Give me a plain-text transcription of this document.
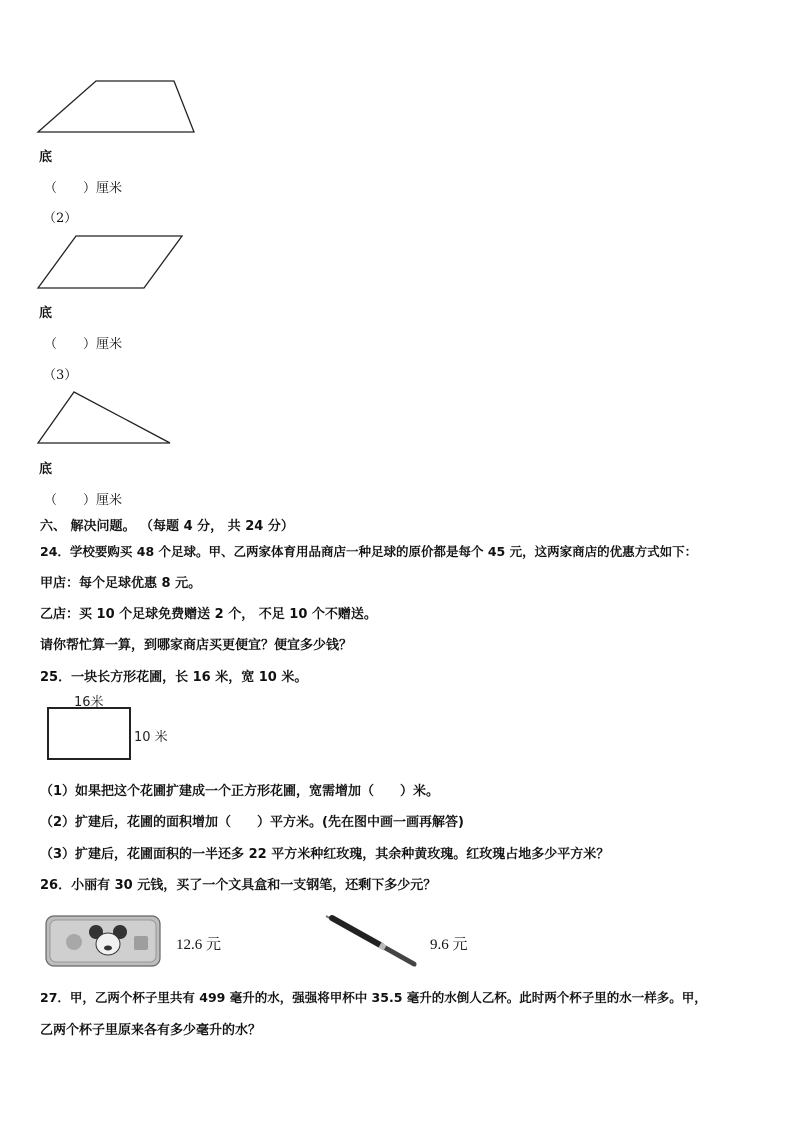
底
（　　）厘米
（2）
底
（　　）厘米
（3）
底
（　　）厘米
六、 解决问题。 （每题 4 分， 共 24 分）
24．学校要购买 48 个足球。甲、乙两家体育用品商店一种足球的原价都是每个 45 元，这两家商店的优惠方式如下：
甲店：每个足球优惠 8 元。
乙店：买 10 个足球免费赠送 2 个， 不足 10 个不赠送。
请你帮忙算一算，到哪家商店买更便宜？便宜多少钱？
25．一块长方形花圃，长 16 米，宽 10 米。
16米
10 米
（1）如果把这个花圃扩建成一个正方形花圃，宽需增加（　　）米。
（2）扩建后，花圃的面积增加（　　）平方米。(先在图中画一画再解答)
（3）扩建后，花圃面积的一半还多 22 平方米种红玫瑰，其余种黄玫瑰。红玫瑰占地多少平方米？
26．小丽有 30 元钱，买了一个文具盒和一支钢笔，还剩下多少元？
12.6 元	9.6 元
27．甲，乙两个杯子里共有 499 毫升的水，强强将甲杯中 35.5 毫升的水倒人乙杯。此时两个杯子里的水一样多。甲，
乙两个杯子里原来各有多少毫升的水？
